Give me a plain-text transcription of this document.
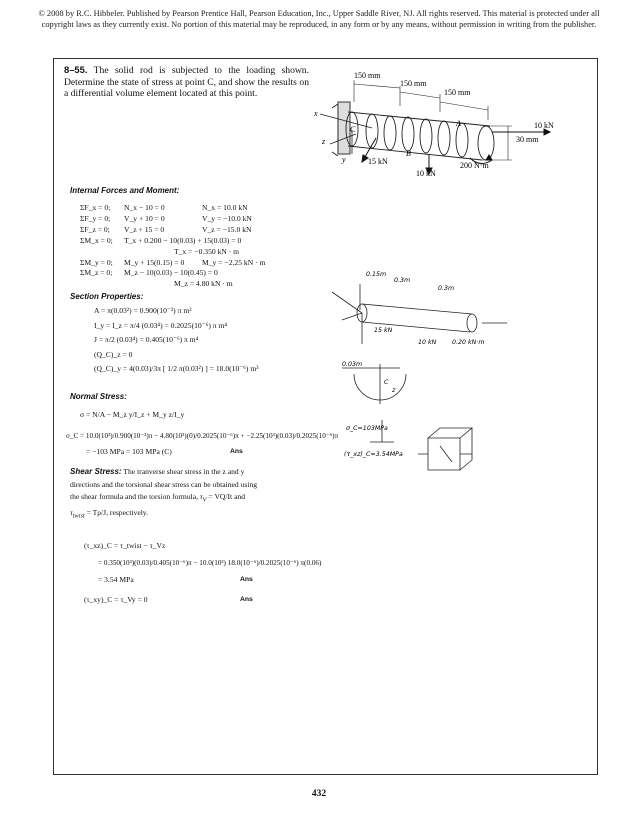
© 2008 by R.C. Hibbeler. Published by Pearson Prentice Hall, Pearson Education, Inc., Upper Saddle River, NJ. All rights reserved. This material is protected under all
copyright laws as they currently exist. No portion of this material may be reproduced, in any form or by any means, without permission in writing from the publisher.
8–55. The solid rod is subjected to the loading shown. Determine the state of stress at point C, and show the results on a differential volume element located at this point.
150 mm
150 mm
150 mm
30 mm
10 kN
15 kN
10 kN
200 N·m
A
B
C
x
y
z
Internal Forces and Moment:
ΣF_x = 0; N_x − 10 = 0	N_x = 10.0 kN
ΣF_y = 0; V_y + 10 = 0	V_y = −10.0 kN
ΣF_z = 0; V_z + 15 = 0	V_z = −15.0 kN
ΣM_x = 0; T_x + 0.200 − 10(0.03) + 15(0.03) = 0
T_x = −0.350 kN · m
ΣM_y = 0; M_y + 15(0.15) = 0 M_y = −2.25 kN · m
ΣM_z = 0; M_z − 10(0.03) − 10(0.45) = 0
M_z = 4.80 kN · m
Section Properties:
A = π(0.03²) = 0.900(10⁻³) π m²
I_y = I_z = π/4 (0.03⁴) = 0.2025(10⁻⁶) π m⁴
J = π/2 (0.03⁴) = 0.405(10⁻⁶) π m⁴
(Q_C)_z = 0
(Q_C)_y = 4(0.03)/3π [ 1/2 π(0.03²) ] = 18.0(10⁻⁶) m³
Normal Stress:
σ = N/A − M_z y/I_z + M_y z/I_y
σ_C = 10.0(10³)/0.900(10⁻³)π − 4.80(10³)(0)/0.2025(10⁻⁶)π + −2.25(10³)(0.03)/0.2025(10⁻⁶)π
= −103 MPa = 103 MPa (C)	Ans
Shear Stress: The tranverse shear stress in the z and y
directions and the torsional shear stress can be obtained using
the shear formula and the torsion formula, $\tau_V = VQ/It$ and
$\tau_{twist} = T\rho/J$, respectively.
(τ_xz)_C = τ_twist − τ_Vz
= 0.350(10³)(0.03)/0.405(10⁻⁶)π − 10.0(10³) 18.0(10⁻⁶)/0.2025(10⁻⁶) π(0.06)
= 3.54 MPa	Ans
(τ_xy)_C = τ_Vy = 0	Ans
0.15m
0.3m
0.3m
10 kN 0.20 kN·m
15 kN
0.03m
C
z
σ_C=103MPa
(τ_xz)_C=3.54MPa
432
